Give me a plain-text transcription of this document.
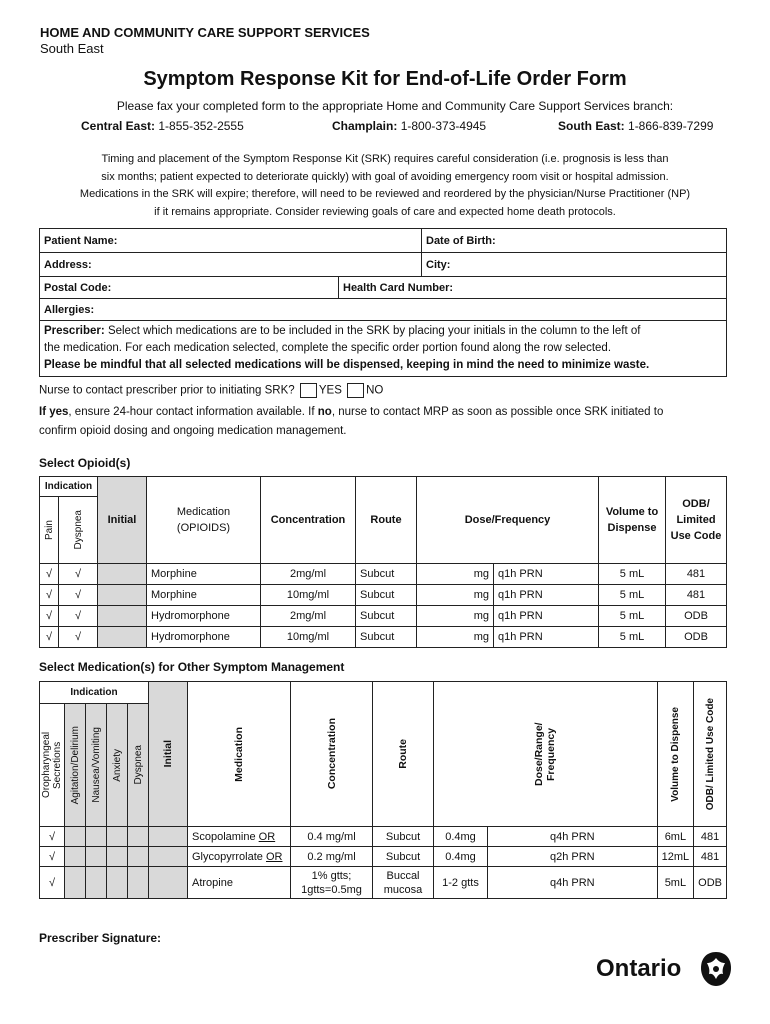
HOME AND COMMUNITY CARE SUPPORT SERVICES
South East
Symptom Response Kit for End-of-Life Order Form
Please fax your completed form to the appropriate Home and Community Care Support Services branch:
Central East: 1-855-352-2555	Champlain: 1-800-373-4945	South East: 1-866-839-7299
Timing and placement of the Symptom Response Kit (SRK) requires careful consideration (i.e. prognosis is less than
six months; patient expected to deteriorate quickly) with goal of avoiding emergency room visit or hospital admission.
Medications in the SRK will expire; therefore, will need to be reviewed and reordered by the physician/Nurse Practitioner (NP)
if it remains appropriate. Consider reviewing goals of care and expected home death protocols.
Patient Name:		Date of Birth:
Address:		City:
Postal Code:	Health Card Number:	
Allergies:		
Prescriber: Select which medications are to be included in the SRK by placing your initials in the column to the left of
the medication. For each medication selected, complete the specific order portion found along the row selected.
Please be mindful that all selected medications will be dispensed, keeping in mind the need to minimize waste.		
Nurse to contact prescriber prior to initiating SRK? YES NO
If yes, ensure 24-hour contact information available. If no, nurse to contact MRP as soon as possible once SRK initiated to
confirm opioid dosing and ongoing medication management.
Select Opioid(s)
Indication		Initial	Medication
(OPIOIDS)	Concentration	Route	Dose/Frequency		Volume to Dispense	ODB/ Limited Use Code

Pain	Dyspnea								

√	√		Morphine	2mg/ml	Subcut	mg	q1h PRN	5 mL	481
√	√		Morphine	10mg/ml	Subcut	mg	q1h PRN	5 mL	481
√	√		Hydromorphone	2mg/ml	Subcut	mg	q1h PRN	5 mL	ODB
√	√		Hydromorphone	10mg/ml	Subcut	mg	q1h PRN	5 mL	ODB
Select Medication(s) for Other Symptom Management
Indication					Initial	Medication	Concentration	Route	Dose/Range/ Frequency		Volume to Dispense	ODB/ Limited Use Code

Oropharyngeal Secretions	Agitation/Delirium	Nausea/Vomiting	Anxiety	Dyspnea								

√						Scopolamine OR	0.4 mg/ml	Subcut	0.4mg	q4h PRN	6mL	481
√						Glycopyrrolate OR	0.2 mg/ml	Subcut	0.4mg	q2h PRN	12mL	481
√						Atropine	1% gtts; 1gtts=0.5mg	Buccal mucosa	1-2 gtts	q4h PRN	5mL	ODB
Prescriber Signature:
Ontario
